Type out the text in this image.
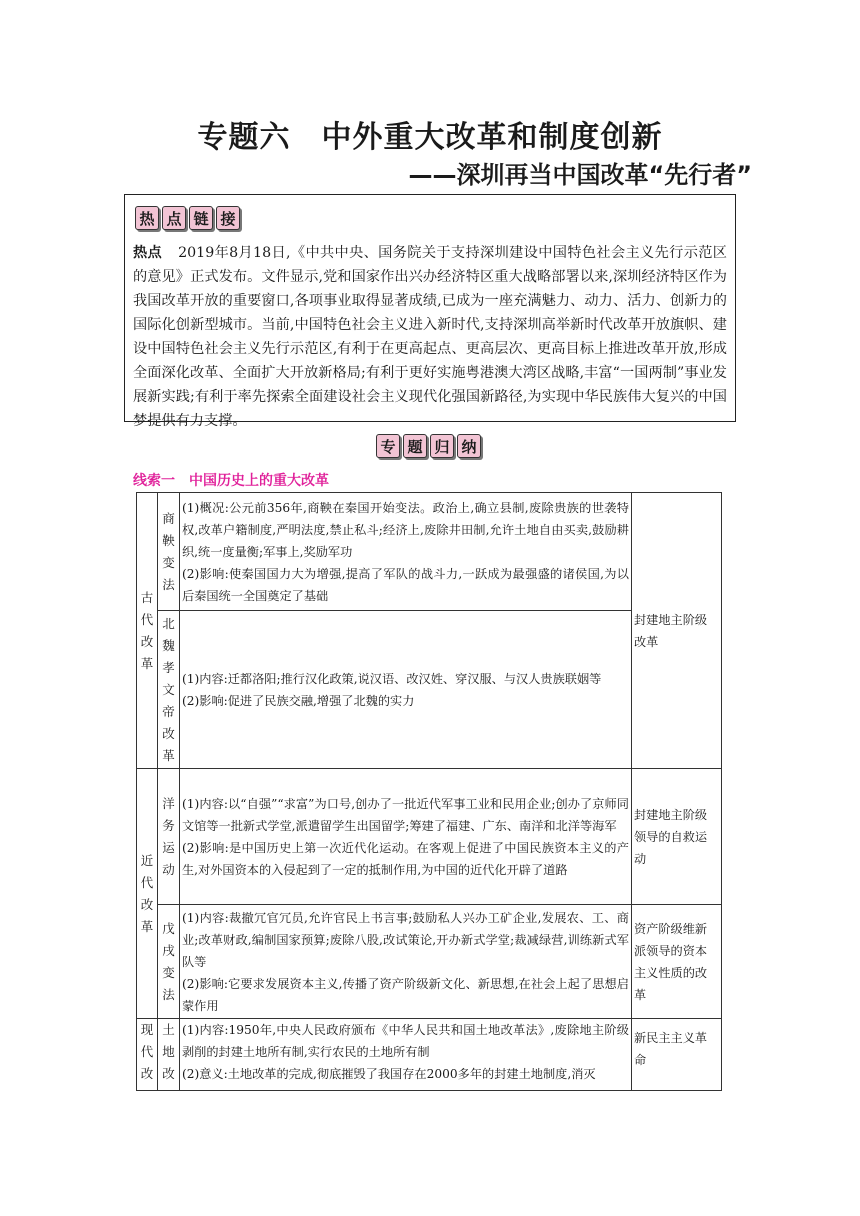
专题六　中外重大改革和制度创新
——深圳再当中国改革“先行者”
热 点 链 接
热点 2019年8月18日,《中共中央、国务院关于支持深圳建设中国特色社会主义先行示范区的意见》正式发布。文件显示,党和国家作出兴办经济特区重大战略部署以来,深圳经济特区作为我国改革开放的重要窗口,各项事业取得显著成绩,已成为一座充满魅力、动力、活力、创新力的国际化创新型城市。当前,中国特色社会主义进入新时代,支持深圳高举新时代改革开放旗帜、建设中国特色社会主义先行示范区,有利于在更高起点、更高层次、更高目标上推进改革开放,形成全面深化改革、全面扩大开放新格局;有利于更好实施粤港澳大湾区战略,丰富“一国两制”事业发展新实践;有利于率先探索全面建设社会主义现代化强国新路径,为实现中华民族伟大复兴的中国梦提供有力支撑。
专 题 归 纳
线索一　中国历史上的重大改革
古代改革	商鞅变法	(1)概况:公元前356年,商鞅在秦国开始变法。政治上,确立县制,废除贵族的世袭特权,改革户籍制度,严明法度,禁止私斗;经济上,废除井田制,允许土地自由买卖,鼓励耕织,统一度量衡;军事上,奖励军功
(2)影响:使秦国国力大为增强,提高了军队的战斗力,一跃成为最强盛的诸侯国,为以后秦国统一全国奠定了基础	封建地主阶级改革
	北魏孝文帝改革	(1)内容:迁都洛阳;推行汉化政策,说汉语、改汉姓、穿汉服、与汉人贵族联姻等
(2)影响:促进了民族交融,增强了北魏的实力	

近代改革	洋务运动	(1)内容:以“自强”“求富”为口号,创办了一批近代军事工业和民用企业;创办了京师同文馆等一批新式学堂,派遣留学生出国留学;筹建了福建、广东、南洋和北洋等海军
(2)影响:是中国历史上第一次近代化运动。在客观上促进了中国民族资本主义的产生,对外国资本的入侵起到了一定的抵制作用,为中国的近代化开辟了道路	封建地主阶级领导的自救运动
	戊戌变法	(1)内容:裁撤冗官冗员,允许官民上书言事;鼓励私人兴办工矿企业,发展农、工、商业;改革财政,编制国家预算;废除八股,改试策论,开办新式学堂;裁减绿营,训练新式军队等
(2)影响:它要求发展资本主义,传播了资产阶级新文化、新思想,在社会上起了思想启蒙作用	资产阶级维新派领导的资本主义性质的改革
现代改	土地改	(1)内容:1950年,中央人民政府颁布《中华人民共和国土地改革法》,废除地主阶级剥削的封建土地所有制,实行农民的土地所有制
(2)意义:土地改革的完成,彻底摧毁了我国存在2000多年的封建土地制度,消灭	新民主主义革命
